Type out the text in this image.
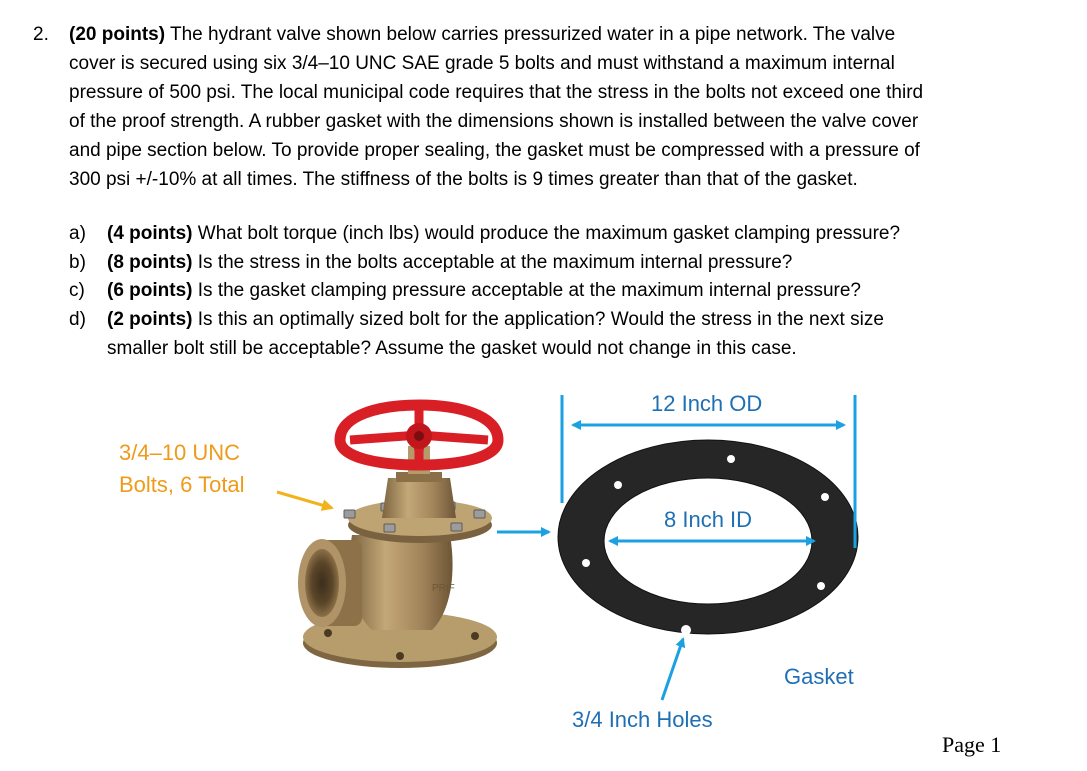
2. (20 points) The hydrant valve shown below carries pressurized water in a pipe network. The valve
cover is secured using six 3/4–10 UNC SAE grade 5 bolts and must withstand a maximum internal
pressure of 500 psi. The local municipal code requires that the stress in the bolts not exceed one third
of the proof strength. A rubber gasket with the dimensions shown is installed between the valve cover
and pipe section below. To provide proper sealing, the gasket must be compressed with a pressure of
300 psi +/-10% at all times. The stiffness of the bolts is 9 times greater than that of the gasket.
a) (4 points) What bolt torque (inch lbs) would produce the maximum gasket clamping pressure?
b) (8 points) Is the stress in the bolts acceptable at the maximum internal pressure?
c) (6 points) Is the gasket clamping pressure acceptable at the maximum internal pressure?
d) (2 points) Is this an optimally sized bolt for the application? Would the stress in the next size
smaller bolt still be acceptable? Assume the gasket would not change in this case.
PRIF
3/4–10 UNC
Bolts, 6 Total
12 Inch OD
8 Inch ID
Gasket
3/4 Inch Holes
Page 1
